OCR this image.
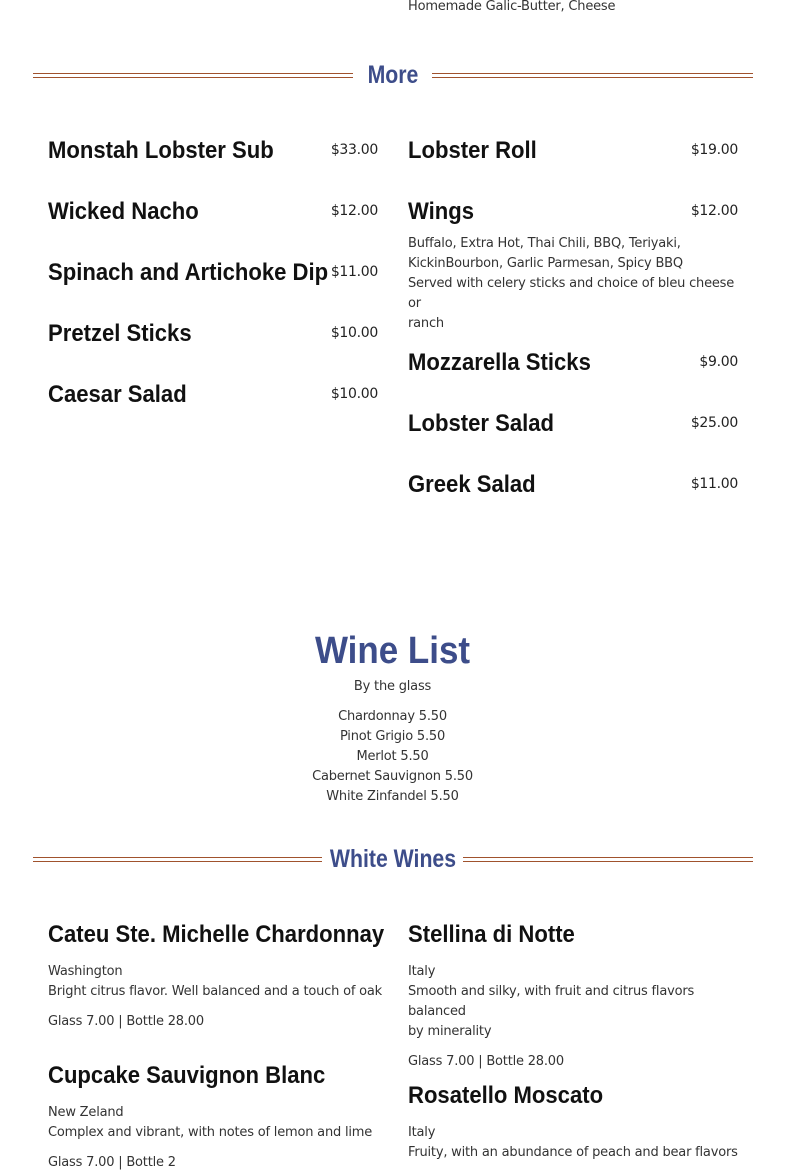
Homemade Galic-Butter, Cheese
More
Monstah Lobster Sub	$33.00
Wicked Nacho	$12.00
Spinach and Artichoke Dip $11.00
Pretzel Sticks	$10.00
Caesar Salad	$10.00
Lobster Roll	$19.00
Wings	$12.00
Buffalo, Extra Hot, Thai Chili, BBQ, Teriyaki,
KickinBourbon, Garlic Parmesan, Spicy BBQ
Served with celery sticks and choice of bleu cheese or
ranch
Mozzarella Sticks	$9.00
Lobster Salad	$25.00
Greek Salad	$11.00
Wine List
By the glass
Chardonnay 5.50
Pinot Grigio 5.50
Merlot 5.50
Cabernet Sauvignon 5.50
White Zinfandel 5.50
White Wines
Cateu Ste. Michelle Chardonnay
Washington
Bright citrus flavor. Well balanced and a touch of oak
Glass 7.00 | Bottle 28.00
Stellina di Notte
Italy
Smooth and silky, with fruit and citrus flavors balanced
by minerality
Glass 7.00 | Bottle 28.00
Cupcake Sauvignon Blanc
New Zeland
Complex and vibrant, with notes of lemon and lime
Glass 7.00 | Bottle 2
Rosatello Moscato
Italy
Fruity, with an abundance of peach and bear flavors
